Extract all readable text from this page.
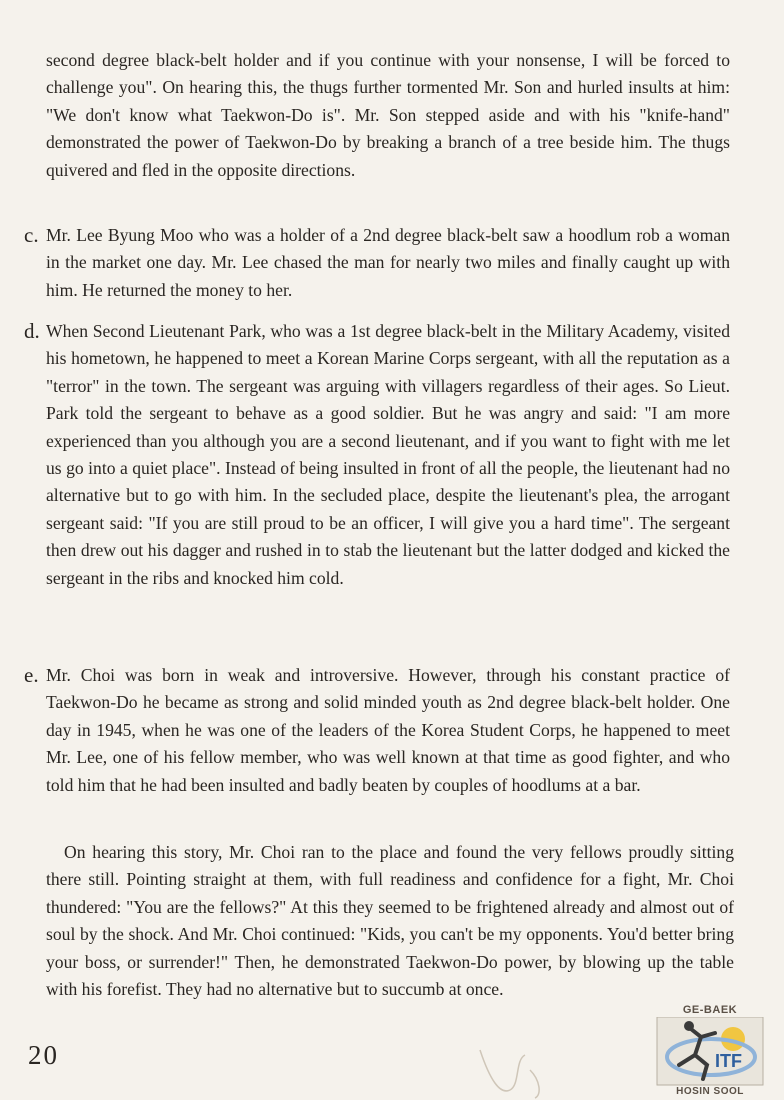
second degree black-belt holder and if you continue with your nonsense, I will be forced to challenge you". On hearing this, the thugs further tormented Mr. Son and hurled insults at him: "We don't know what Taekwon-Do is". Mr. Son stepped aside and with his "knife-hand" demonstrated the power of Taekwon-Do by breaking a branch of a tree beside him. The thugs quivered and fled in the opposite directions.

c. Mr. Lee Byung Moo who was a holder of a 2nd degree black-belt saw a hoodlum rob a woman in the market one day. Mr. Lee chased the man for nearly two miles and finally caught up with him. He returned the money to her.
d. When Second Lieutenant Park, who was a 1st degree black-belt in the Military Academy, visited his hometown, he happened to meet a Korean Marine Corps sergeant, with all the reputation as a "terror" in the town. The sergeant was arguing with villagers regardless of their ages. So Lieut. Park told the sergeant to behave as a good soldier. But he was angry and said: "I am more experienced than you although you are a second lieutenant, and if you want to fight with me let us go into a quiet place". Instead of being insulted in front of all the people, the lieutenant had no alternative but to go with him. In the secluded place, despite the lieutenant's plea, the arrogant sergeant said: "If you are still proud to be an officer, I will give you a hard time". The sergeant then drew out his dagger and rushed in to stab the lieutenant but the latter dodged and kicked the sergeant in the ribs and knocked him cold.
e. Mr. Choi was born in weak and introversive. However, through his constant practice of Taekwon-Do he became as strong and solid minded youth as 2nd degree black-belt holder. One day in 1945, when he was one of the leaders of the Korea Student Corps, he happened to meet Mr. Lee, one of his fellow member, who was well known at that time as good fighter, and who told him that he had been insulted and badly beaten by couples of hoodlums at a bar.

On hearing this story, Mr. Choi ran to the place and found the very fellows proudly sitting there still. Pointing straight at them, with full readiness and confidence for a fight, Mr. Choi thundered: "You are the fellows?" At this they seemed to be frightened already and almost out of soul by the shock. And Mr. Choi continued: "Kids, you can't be my opponents. You'd better bring your boss, or surrender!" Then, he demonstrated Taekwon-Do power, by blowing up the table with his forefist. They had no alternative but to succumb at once.

20
GE-BAEK
ITF
HOSIN SOOL
